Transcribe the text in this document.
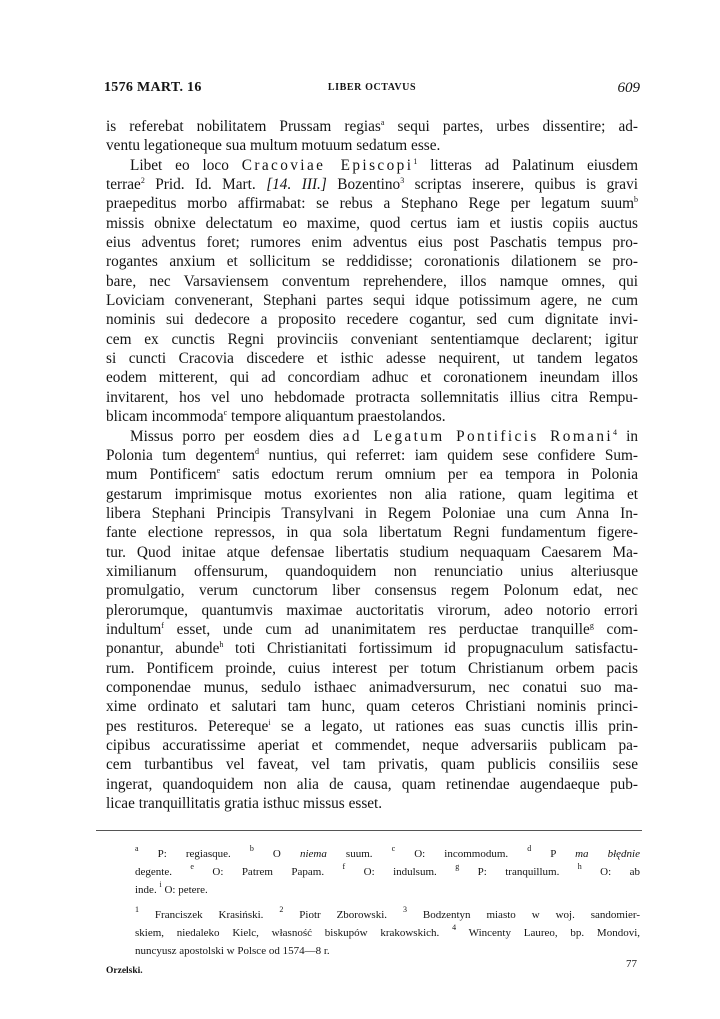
1576 MART. 16	LIBER OCTAVUS	609
is referebat nobilitatem Prussam regias$^a$ sequi partes, urbes dissentire; ad-
ventu legationeque sua multum motuum sedatum esse.
Libet eo loco Cracoviae Episcopi$^1$ litteras ad Palatinum eiusdem
terrae$^2$ Prid. Id. Mart. [14. III.] Bozentino$^3$ scriptas inserere, quibus is gravi
praepeditus morbo affirmabat: se rebus a Stephano Rege per legatum suum$^b$
missis obnixe delectatum eo maxime, quod certus iam et iustis copiis auctus
eius adventus foret; rumores enim adventus eius post Paschatis tempus pro-
rogantes anxium et sollicitum se reddidisse; coronationis dilationem se pro-
bare, nec Varsaviensem conventum reprehendere, illos namque omnes, qui
Loviciam convenerant, Stephani partes sequi idque potissimum agere, ne cum
nominis sui dedecore a proposito recedere cogantur, sed cum dignitate invi-
cem ex cunctis Regni provinciis conveniant sententiamque declarent; igitur
si cuncti Cracovia discedere et isthic adesse nequirent, ut tandem legatos
eodem mitterent, qui ad concordiam adhuc et coronationem ineundam illos
invitarent, hos vel uno hebdomade protracta sollemnitatis illius citra Rempu-
blicam incommoda$^c$ tempore aliquantum praestolandos.
Missus porro per eosdem dies ad Legatum Pontificis Romani$^4$ in
Polonia tum degentem$^d$ nuntius, qui referret: iam quidem sese confidere Sum-
mum Pontificem$^e$ satis edoctum rerum omnium per ea tempora in Polonia
gestarum imprimisque motus exorientes non alia ratione, quam legitima et
libera Stephani Principis Transylvani in Regem Poloniae una cum Anna In-
fante electione repressos, in qua sola libertatum Regni fundamentum figere-
tur. Quod initae atque defensae libertatis studium nequaquam Caesarem Ma-
ximilianum offensurum, quandoquidem non renunciatio unius alteriusque
promulgatio, verum cunctorum liber consensus regem Polonum edat, nec
plerorumque, quantumvis maximae auctoritatis virorum, adeo notorio errori
indultum$^f$ esset, unde cum ad unanimitatem res perductae tranquille$^g$ com-
ponantur, abunde$^h$ toti Christianitati fortissimum id propugnaculum satisfactu-
rum. Pontificem proinde, cuius interest per totum Christianum orbem pacis
componendae munus, sedulo isthaec animadversurum, nec conatui suo ma-
xime ordinato et salutari tam hunc, quam ceteros Christiani nominis princi-
pes restituros. Petereque$^i$ se a legato, ut rationes eas suas cunctis illis prin-
cipibus accuratissime aperiat et commendet, neque adversariis publicam pa-
cem turbantibus vel faveat, vel tam privatis, quam publicis consiliis sese
ingerat, quandoquidem non alia de causa, quam retinendae augendaeque pub-
licae tranquillitatis gratia isthuc missus esset.
$^a$ P: regiasque. $^b$ O niema suum. $^c$ O: incommodum. $^d$ P ma błędnie
degente. $^e$ O: Patrem Papam. $^f$ O: indulsum. $^g$ P: tranquillum. $^h$ O: ab
inde. $^i$ O: petere.
$^1$ Franciszek Krasiński. $^2$ Piotr Zborowski. $^3$ Bodzentyn miasto w woj. sandomier-
skiem, niedaleko Kielc, własność biskupów krakowskich. $^4$ Wincenty Laureo, bp. Mondovi,
nuncyusz apostolski w Polsce od 1574—8 r.
Orzelski.
77
